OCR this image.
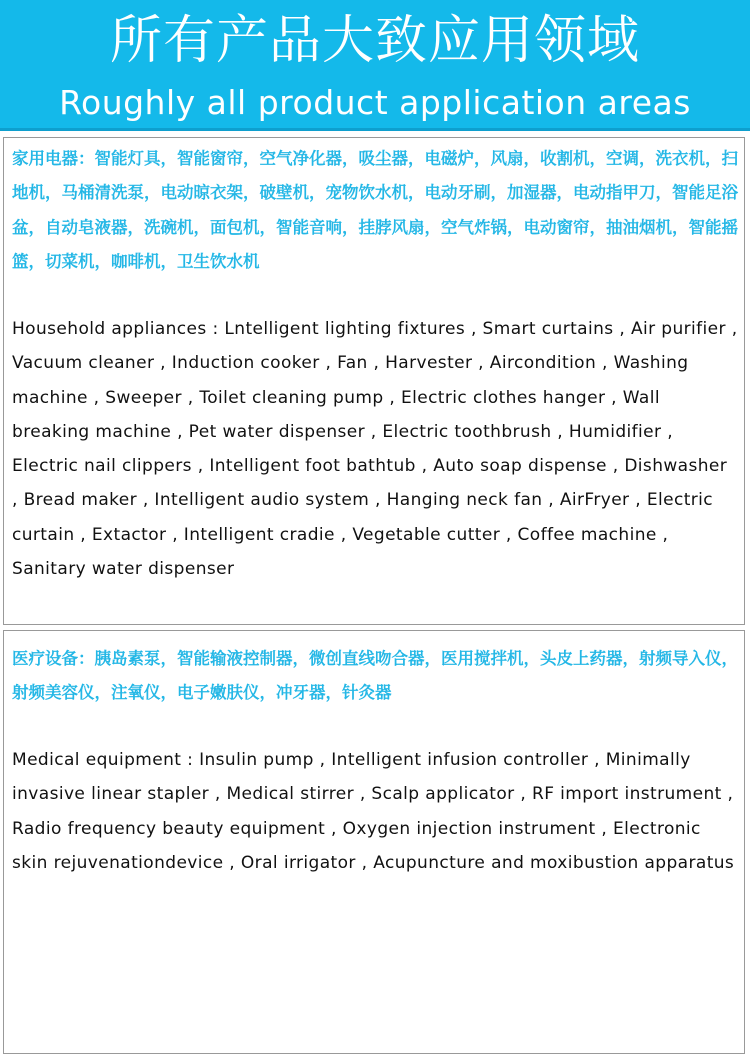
所有产品大致应用领域
Roughly all product application areas
家用电器：智能灯具，智能窗帘，空气净化器，吸尘器，电磁炉，风扇，收割机，空调，洗衣机，扫地机，马桶清洗泵，电动晾衣架，破壁机，宠物饮水机，电动牙刷，加湿器，电动指甲刀，智能足浴盆，自动皂液器，洗碗机，面包机，智能音响，挂脖风扇，空气炸锅，电动窗帘，抽油烟机，智能摇篮，切菜机，咖啡机，卫生饮水机
Household appliances : Lntelligent lighting fixtures , Smart curtains , Air purifier , Vacuum cleaner , Induction cooker , Fan , Harvester , Aircondition , Washing machine , Sweeper , Toilet cleaning pump , Electric clothes hanger , Wall breaking machine , Pet water dispenser , Electric toothbrush , Humidifier , Electric nail clippers , Intelligent foot bathtub , Auto soap dispense , Dishwasher , Bread maker , Intelligent audio system , Hanging neck fan , AirFryer , Electric curtain , Extactor , Intelligent cradie , Vegetable cutter , Coffee machine , Sanitary water dispenser
医疗设备：胰岛素泵，智能输液控制器，微创直线吻合器，医用搅拌机，头皮上药器，射频导入仪，射频美容仪，注氧仪，电子嫩肤仪，冲牙器，针灸器
Medical equipment : Insulin pump , Intelligent infusion controller , Minimally invasive linear stapler , Medical stirrer , Scalp applicator , RF import instrument , Radio frequency beauty equipment , Oxygen injection instrument , Electronic skin rejuvenationdevice , Oral irrigator , Acupuncture and moxibustion apparatus
